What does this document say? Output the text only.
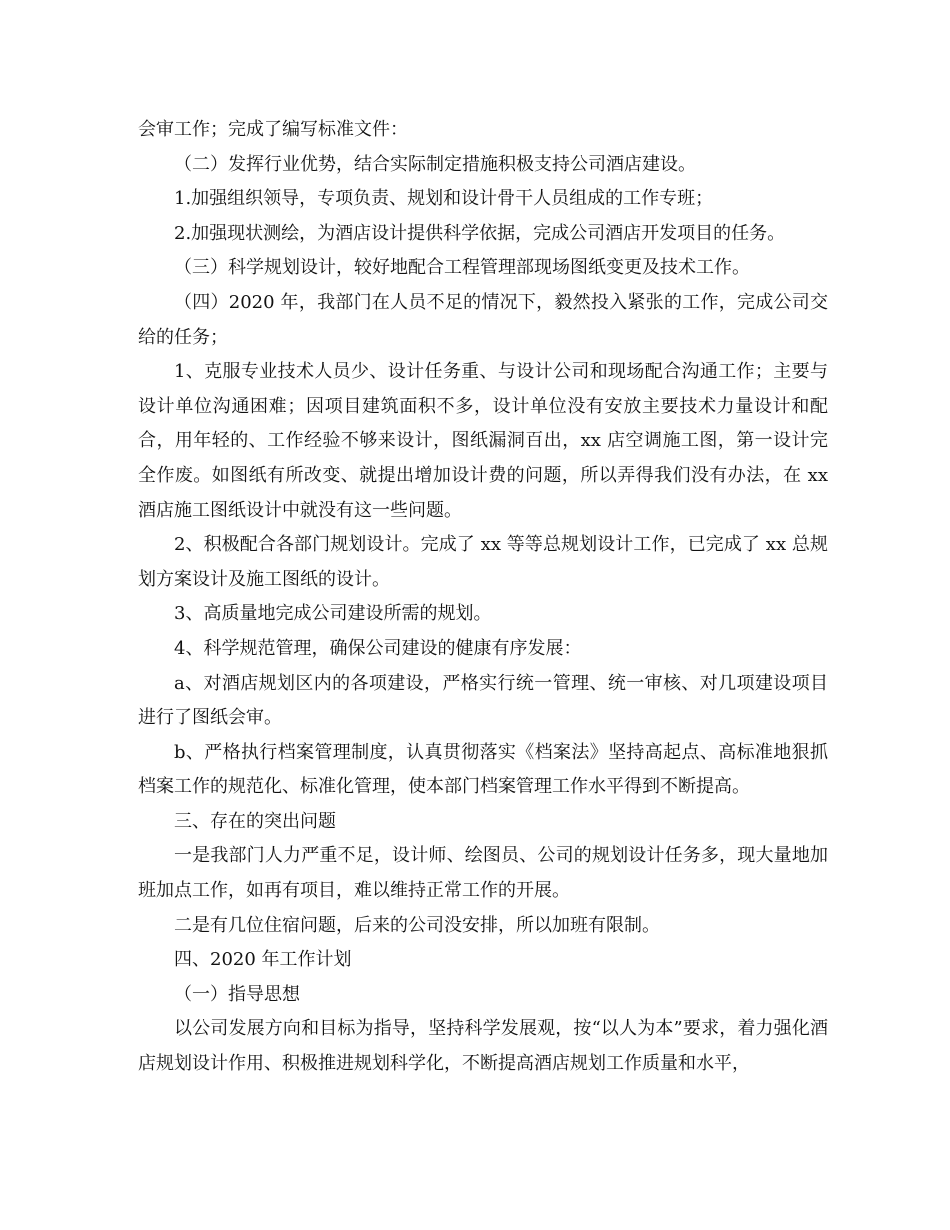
会审工作；完成了编写标准文件：

（二）发挥行业优势，结合实际制定措施积极支持公司酒店建设。

1.加强组织领导，专项负责、规划和设计骨干人员组成的工作专班；

2.加强现状测绘，为酒店设计提供科学依据，完成公司酒店开发项目的任务。

（三）科学规划设计，较好地配合工程管理部现场图纸变更及技术工作。

（四）2020 年，我部门在人员不足的情况下，毅然投入紧张的工作，完成公司交给的任务；

1、克服专业技术人员少、设计任务重、与设计公司和现场配合沟通工作；主要与设计单位沟通困难；因项目建筑面积不多，设计单位没有安放主要技术力量设计和配合，用年轻的、工作经验不够来设计，图纸漏洞百出，xx 店空调施工图，第一设计完全作废。如图纸有所改变、就提出增加设计费的问题，所以弄得我们没有办法，在 xx 酒店施工图纸设计中就没有这一些问题。

2、积极配合各部门规划设计。完成了 xx 等等总规划设计工作，已完成了 xx 总规划方案设计及施工图纸的设计。

3、高质量地完成公司建设所需的规划。

4、科学规范管理，确保公司建设的健康有序发展：

a、对酒店规划区内的各项建设，严格实行统一管理、统一审核、对几项建设项目进行了图纸会审。

b、严格执行档案管理制度，认真贯彻落实《档案法》坚持高起点、高标准地狠抓档案工作的规范化、标准化管理，使本部门档案管理工作水平得到不断提高。

三、存在的突出问题

一是我部门人力严重不足，设计师、绘图员、公司的规划设计任务多，现大量地加班加点工作，如再有项目，难以维持正常工作的开展。

二是有几位住宿问题，后来的公司没安排，所以加班有限制。

四、2020 年工作计划

（一）指导思想

以公司发展方向和目标为指导，坚持科学发展观，按“以人为本”要求，着力强化酒店规划设计作用、积极推进规划科学化，不断提高酒店规划工作质量和水平，
